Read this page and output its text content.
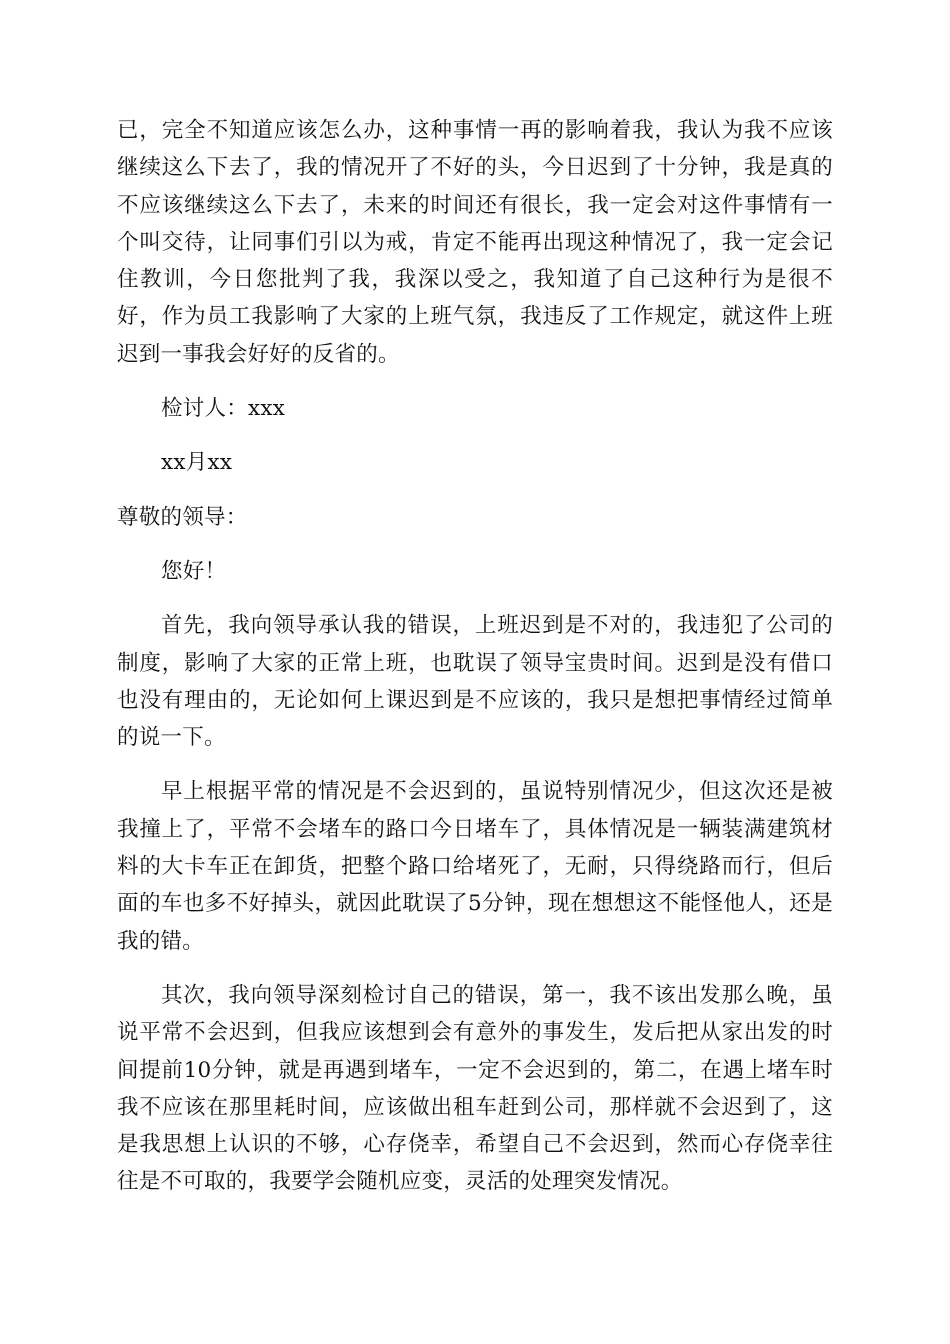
已，完全不知道应该怎么办，这种事情一再的影响着我，我认为我不应该继续这么下去了，我的情况开了不好的头，今日迟到了十分钟，我是真的不应该继续这么下去了，未来的时间还有很长，我一定会对这件事情有一个叫交待，让同事们引以为戒，肯定不能再出现这种情况了，我一定会记住教训，今日您批判了我，我深以受之，我知道了自己这种行为是很不好，作为员工我影响了大家的上班气氛，我违反了工作规定，就这件上班迟到一事我会好好的反省的。

检讨人：xxx

xx月xx

尊敬的领导：

您好！

首先，我向领导承认我的错误，上班迟到是不对的，我违犯了公司的制度，影响了大家的正常上班，也耽误了领导宝贵时间。迟到是没有借口也没有理由的，无论如何上课迟到是不应该的，我只是想把事情经过简单的说一下。

早上根据平常的情况是不会迟到的，虽说特别情况少，但这次还是被我撞上了，平常不会堵车的路口今日堵车了，具体情况是一辆装满建筑材料的大卡车正在卸货，把整个路口给堵死了，无耐，只得绕路而行，但后面的车也多不好掉头，就因此耽误了5分钟，现在想想这不能怪他人，还是我的错。

其次，我向领导深刻检讨自己的错误，第一，我不该出发那么晚，虽说平常不会迟到，但我应该想到会有意外的事发生，发后把从家出发的时间提前10分钟，就是再遇到堵车，一定不会迟到的，第二，在遇上堵车时我不应该在那里耗时间，应该做出租车赶到公司，那样就不会迟到了，这是我思想上认识的不够，心存侥幸，希望自己不会迟到，然而心存侥幸往往是不可取的，我要学会随机应变，灵活的处理突发情况。
